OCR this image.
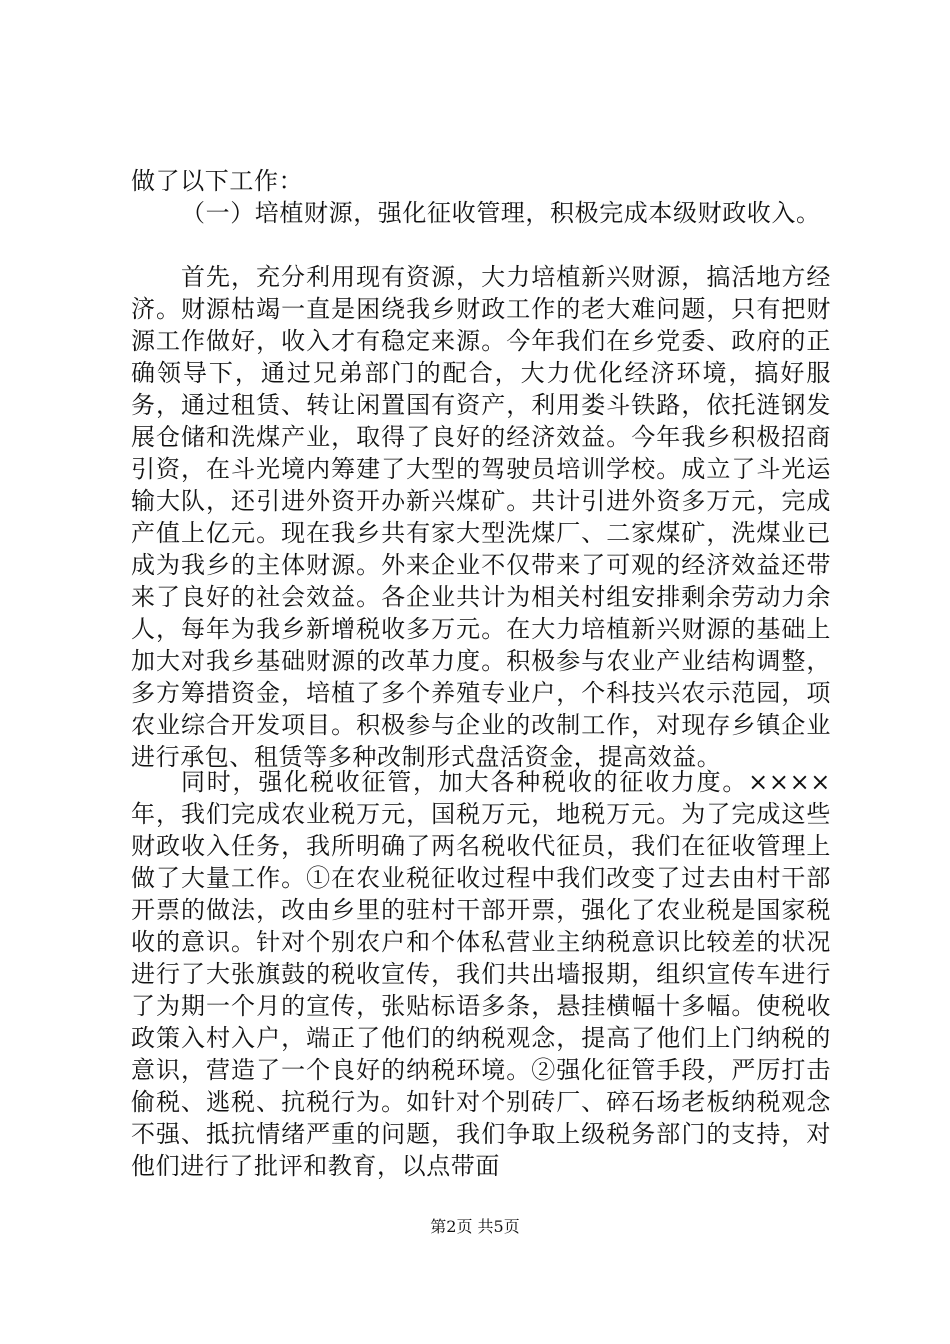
做了以下工作：
（一）培植财源，强化征收管理，积极完成本级财政收入。
首先，充分利用现有资源，大力培植新兴财源，搞活地方经济。财源枯竭一直是困绕我乡财政工作的老大难问题，只有把财源工作做好，收入才有稳定来源。今年我们在乡党委、政府的正确领导下，通过兄弟部门的配合，大力优化经济环境，搞好服务，通过租赁、转让闲置国有资产，利用娄斗铁路，依托涟钢发展仓储和洗煤产业，取得了良好的经济效益。今年我乡积极招商引资，在斗光境内筹建了大型的驾驶员培训学校。成立了斗光运输大队，还引进外资开办新兴煤矿。共计引进外资多万元，完成产值上亿元。现在我乡共有家大型洗煤厂、二家煤矿，洗煤业已成为我乡的主体财源。外来企业不仅带来了可观的经济效益还带来了良好的社会效益。各企业共计为相关村组安排剩余劳动力余人，每年为我乡新增税收多万元。在大力培植新兴财源的基础上加大对我乡基础财源的改革力度。积极参与农业产业结构调整，多方筹措资金，培植了多个养殖专业户，个科技兴农示范园，项农业综合开发项目。积极参与企业的改制工作，对现存乡镇企业进行承包、租赁等多种改制形式盘活资金，提高效益。
同时，强化税收征管，加大各种税收的征收力度。××××年，我们完成农业税万元，国税万元，地税万元。为了完成这些财政收入任务，我所明确了两名税收代征员，我们在征收管理上做了大量工作。①在农业税征收过程中我们改变了过去由村干部开票的做法，改由乡里的驻村干部开票，强化了农业税是国家税收的意识。针对个别农户和个体私营业主纳税意识比较差的状况进行了大张旗鼓的税收宣传，我们共出墙报期，组织宣传车进行了为期一个月的宣传，张贴标语多条，悬挂横幅十多幅。使税收政策入村入户，端正了他们的纳税观念，提高了他们上门纳税的意识，营造了一个良好的纳税环境。②强化征管手段，严厉打击偷税、逃税、抗税行为。如针对个别砖厂、碎石场老板纳税观念不强、抵抗情绪严重的问题，我们争取上级税务部门的支持，对他们进行了批评和教育，以点带面
第2页 共5页
